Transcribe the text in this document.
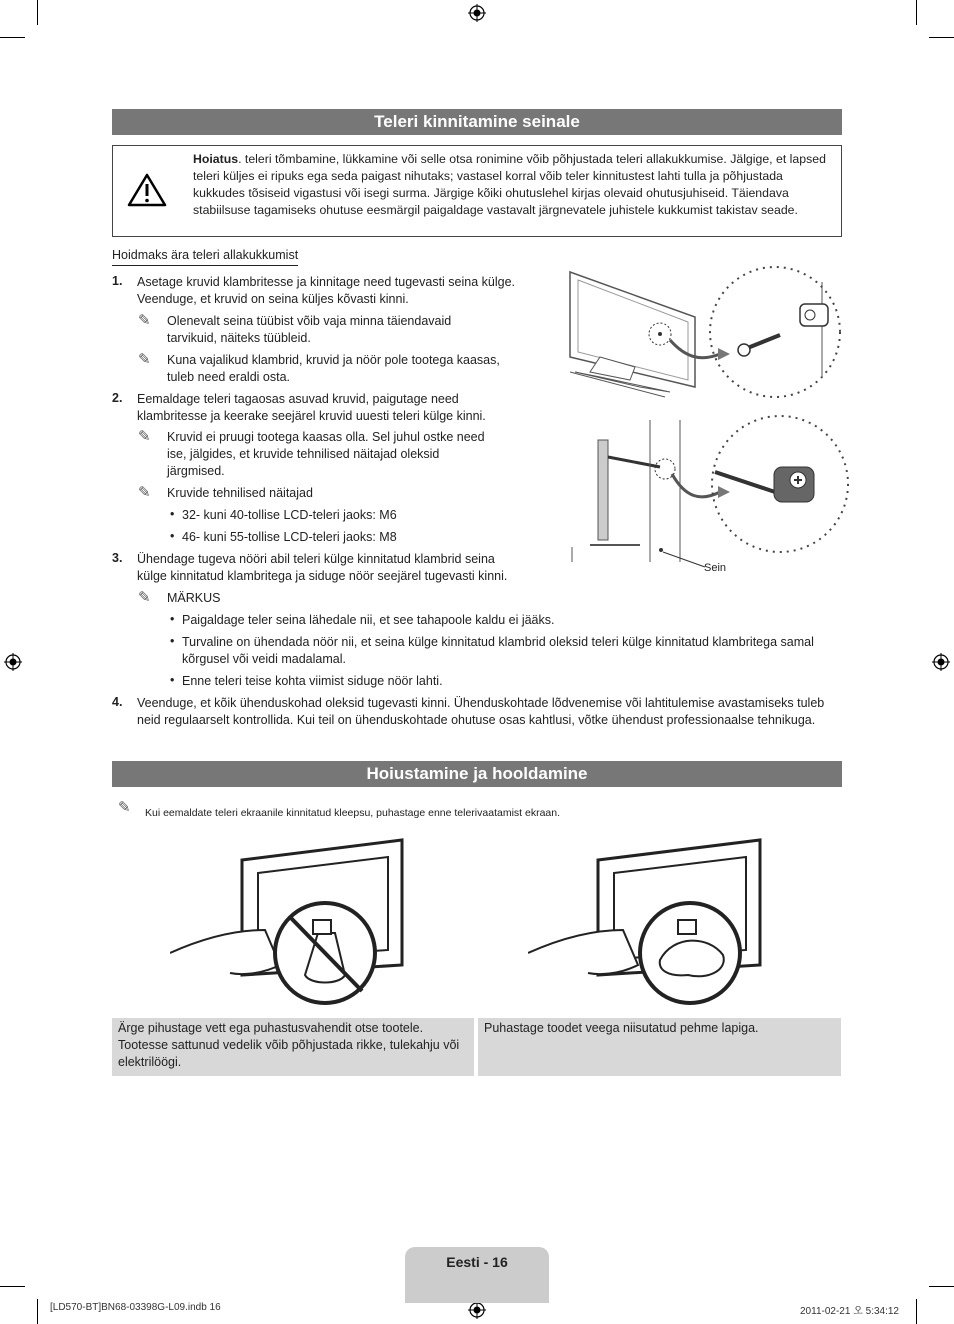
Teleri kinnitamine seinale
Hoiatus. teleri tõmbamine, lükkamine või selle otsa ronimine võib põhjustada teleri allakukkumise. Jälgige, et lapsed teleri küljes ei ripuks ega seda paigast nihutaks; vastasel korral võib teler kinnitustest lahti tulla ja põhjustada kukkudes tõsiseid vigastusi või isegi surma. Järgige kõiki ohutuslehel kirjas olevaid ohutusjuhiseid. Täiendava stabiilsuse tagamiseks ohutuse eesmärgil paigaldage vastavalt järgnevatele juhistele kukkumist takistav seade.
Hoidmaks ära teleri allakukkumist
1. Asetage kruvid klambritesse ja kinnitage need tugevasti seina külge. Veenduge, et kruvid on seina küljes kõvasti kinni.
✎ Olenevalt seina tüübist võib vaja minna täiendavaid tarvikuid, näiteks tüübleid.
✎ Kuna vajalikud klambrid, kruvid ja nöör pole tootega kaasas, tuleb need eraldi osta.
2. Eemaldage teleri tagaosas asuvad kruvid, paigutage need klambritesse ja keerake seejärel kruvid uuesti teleri külge kinni.
✎ Kruvid ei pruugi tootega kaasas olla. Sel juhul ostke need ise, jälgides, et kruvide tehnilised näitajad oleksid järgmised.
✎ Kruvide tehnilised näitajad
• 32- kuni 40-tollise LCD-teleri jaoks: M6
• 46- kuni 55-tollise LCD-teleri jaoks: M8
3. Ühendage tugeva nööri abil teleri külge kinnitatud klambrid seina külge kinnitatud klambritega ja siduge nöör seejärel tugevasti kinni.
✎ MÄRKUS
• Paigaldage teler seina lähedale nii, et see tahapoole kaldu ei jääks.
• Turvaline on ühendada nöör nii, et seina külge kinnitatud klambrid oleksid teleri külge kinnitatud klambritega samal kõrgusel või veidi madalamal.
• Enne teleri teise kohta viimist siduge nöör lahti.
4. Veenduge, et kõik ühenduskohad oleksid tugevasti kinni. Ühenduskohtade lõdvenemise või lahtitulemise avastamiseks tuleb neid regulaarselt kontrollida. Kui teil on ühenduskohtade ohutuse osas kahtlusi, võtke ühendust professionaalse tehnikuga.
Sein
Hoiustamine ja hooldamine
✎ Kui eemaldate teleri ekraanile kinnitatud kleepsu, puhastage enne telerivaatamist ekraan.
Ärge pihustage vett ega puhastusvahendit otse tootele. Tootesse sattunud vedelik võib põhjustada rikke, tulekahju või elektrilöögi.
Puhastage toodet veega niisutatud pehme lapiga.
Eesti - 16
[LD570-BT]BN68-03398G-L09.indb 16	2011-02-21 오 5:34:12
